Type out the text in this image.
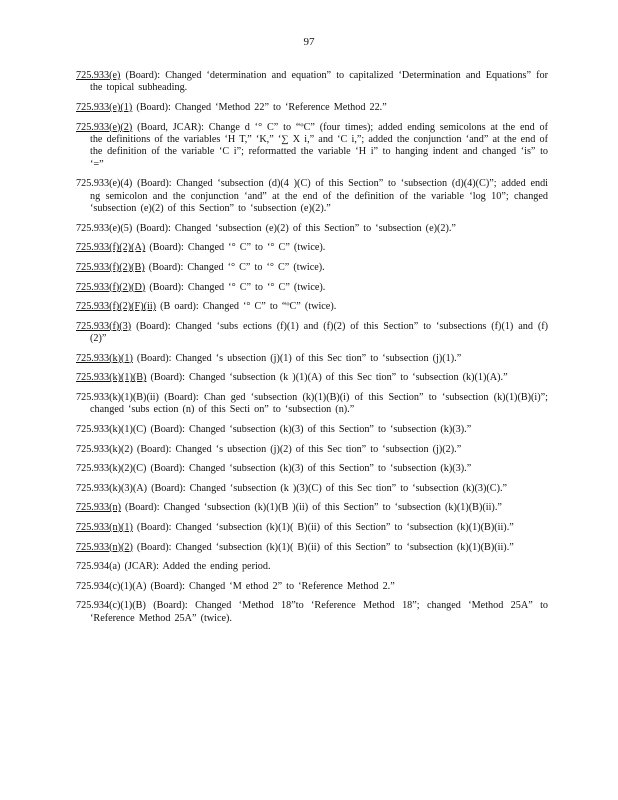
97
725.933(e) (Board): Changed ‘determination and equation” to capitalized ‘Determination and Equations” for the topical subheading.
725.933(e)(1) (Board): Changed ‘Method 22” to ‘Reference Method 22.”
725.933(e)(2) (Board, JCAR): Change d ‘° C” to “ºC” (four times); added ending semicolons at the end of the definitions of the variables ‘H T,” ‘K,” ‘∑ X i,” and ‘C i,”; added the conjunction ‘and” at the end of the definition of the variable ‘C i”; reformatted the variable ‘H i” to hanging indent and changed ‘is” to ‘=”
725.933(e)(4) (Board): Changed ‘subsection (d)(4 )(C) of this Section” to ‘subsection (d)(4)(C)”; added endi ng semicolon and the conjunction ‘and” at the end of the definition of the variable ‘log 10”; changed ‘subsection (e)(2) of this Section” to ‘subsection (e)(2).”
725.933(e)(5) (Board): Changed ‘subsection (e)(2) of this Section” to ‘subsection (e)(2).”
725.933(f)(2)(A) (Board): Changed ‘° C” to ‘° C” (twice).
725.933(f)(2)(B) (Board): Changed ‘° C” to ‘° C” (twice).
725.933(f)(2)(D) (Board): Changed ‘° C” to ‘° C” (twice).
725.933(f)(2)(F)(ii) (B oard): Changed ‘° C” to “ºC” (twice).
725.933(f)(3) (Board): Changed ‘subs ections (f)(1) and (f)(2) of this Section” to ‘subsections (f)(1) and (f)(2)”
725.933(k)(1) (Board): Changed ‘s ubsection (j)(1) of this Sec tion” to ‘subsection (j)(1).”
725.933(k)(1)(B) (Board): Changed ‘subsection (k )(1)(A) of this Sec tion” to ‘subsection (k)(1)(A).”
725.933(k)(1)(B)(ii) (Board): Chan ged ‘subsection (k)(1)(B)(i) of this Section” to ‘subsection (k)(1)(B)(i)”; changed ‘subs ection (n) of this Secti on” to ‘subsection (n).”
725.933(k)(1)(C) (Board): Changed ‘subsection (k)(3) of this Section” to ‘subsection (k)(3).”
725.933(k)(2) (Board): Changed ‘s ubsection (j)(2) of this Sec tion” to ‘subsection (j)(2).”
725.933(k)(2)(C) (Board): Changed ‘subsection (k)(3) of this Section” to ‘subsection (k)(3).”
725.933(k)(3)(A) (Board): Changed ‘subsection (k )(3)(C) of this Sec tion” to ‘subsection (k)(3)(C).”
725.933(n) (Board): Changed ‘subsection (k)(1)(B )(ii) of this Section” to ‘subsection (k)(1)(B)(ii).”
725.933(n)(1) (Board): Changed ‘subsection (k)(1)( B)(ii) of this Section” to ‘subsection (k)(1)(B)(ii).”
725.933(n)(2) (Board): Changed ‘subsection (k)(1)( B)(ii) of this Section” to ‘subsection (k)(1)(B)(ii).”
725.934(a) (JCAR): Added the ending period.
725.934(c)(1)(A) (Board): Changed ‘M ethod 2” to ‘Reference Method 2.”
725.934(c)(1)(B) (Board): Changed ‘Method 18”to ‘Reference Method 18”; changed ‘Method 25A” to ‘Reference Method 25A” (twice).
